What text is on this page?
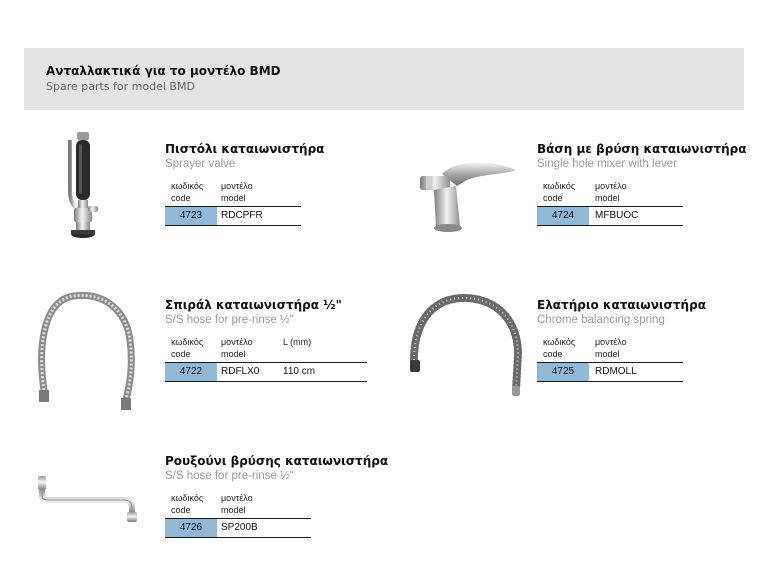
Ανταλλακτικά για το μοντέλο BMD
Spare parts for model BMD
Πιστόλι καταιωνιστήρα
Sprayer valve
κωδικός
code
μοντέλο
model
4723	RDCPFR
Βάση με βρύση καταιωνιστήρα
Single hole mixer with lever
κωδικός
code
μοντέλο
model
4724	MFBUOC
Σπιράλ καταιωνιστήρα ½"
S/S hose for pre-rinse ½"
κωδικός
code
μοντέλο
model
L (mm)
4722	RDFLX0 110 cm
Ελατήριο καταιωνιστήρα
Chrome balancing spring
κωδικός
code
μοντέλο
model
4725	RDMOLL
Ρουξούνι βρύσης καταιωνιστήρα
S/S hose for pre-rinse ½"
κωδικός
code
μοντέλο
model
4726	SP200B
